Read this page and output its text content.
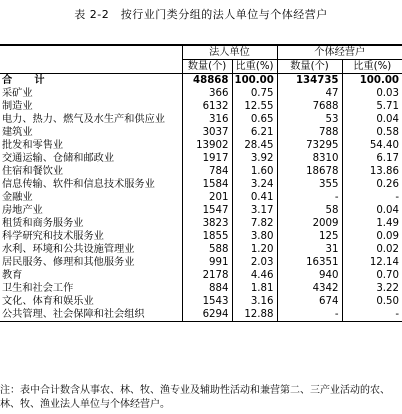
表 2-2　按行业门类分组的法人单位与个体经营户
	法人单位		个体经营户	
	数量(个)	比重(%)	数量(个)	比重(%)
合　计	48868	100.00	134735	100.00
采矿业	366	0.75	47	0.03
制造业	6132	12.55	7688	5.71
电力、热力、燃气及水生产和供应业	316	0.65	53	0.04
建筑业	3037	6.21	788	0.58
批发和零售业	13902	28.45	73295	54.40
交通运输、仓储和邮政业	1917	3.92	8310	6.17
住宿和餐饮业	784	1.60	18678	13.86
信息传输、软件和信息技术服务业	1584	3.24	355	0.26
金融业	201	0.41	-	-
房地产业	1547	3.17	58	0.04
租赁和商务服务业	3823	7.82	2009	1.49
科学研究和技术服务业	1855	3.80	125	0.09
水利、环境和公共设施管理业	588	1.20	31	0.02
居民服务、修理和其他服务业	991	2.03	16351	12.14
教育	2178	4.46	940	0.70
卫生和社会工作	884	1.81	4342	3.22
文化、体育和娱乐业	1543	3.16	674	0.50
公共管理、社会保障和社会组织	6294	12.88	-	-
注：表中合计数含从事农、林、牧、渔专业及辅助性活动和兼营第二、三产业活动的农、林、牧、渔业法人单位与个体经营户。
